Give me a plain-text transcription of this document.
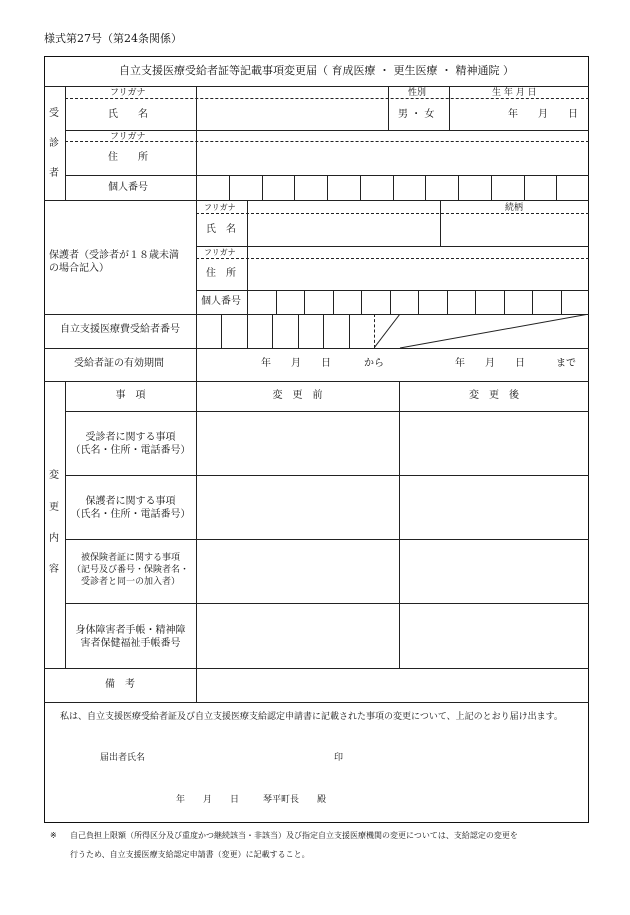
様式第27号（第24条関係）
自立支援医療受給者証等記載事項変更届（ 育成医療 ・ 更生医療 ・ 精神通院 ）
受
診
者
フリガナ	性別	生 年 月 日
氏　　名	男 ・ 女	年　　月　　日
フリガナ
住　　所
個人番号
保護者（受診者が１８歳未満
の場合記入）
フリガナ	続柄
氏　名
フリガナ
住　所
個人番号
自立支援医療費受給者番号
受給者証の有効期間	年　　月　　日	から	年　　月　　日	まで
変
更
内
容
事　項	変　更　前	変　更　後
受診者に関する事項
（氏名・住所・電話番号）
保護者に関する事項
（氏名・住所・電話番号）
被保険者証に関する事項
（記号及び番号・保険者名・
受診者と同一の加入者）
身体障害者手帳・精神障
害者保健福祉手帳番号
備　考
私は、自立支援医療受給者証及び自立支援医療支給認定申請書に記載された事項の変更について、上記のとおり届け出ます。
届出者氏名	印
年　　月　　日	琴平町長　　殿
※ 自己負担上限額（所得区分及び重度かつ継続該当・非該当）及び指定自立支援医療機関の変更については、支給認定の変更を
行うため、自立支援医療支給認定申請書（変更）に記載すること。
